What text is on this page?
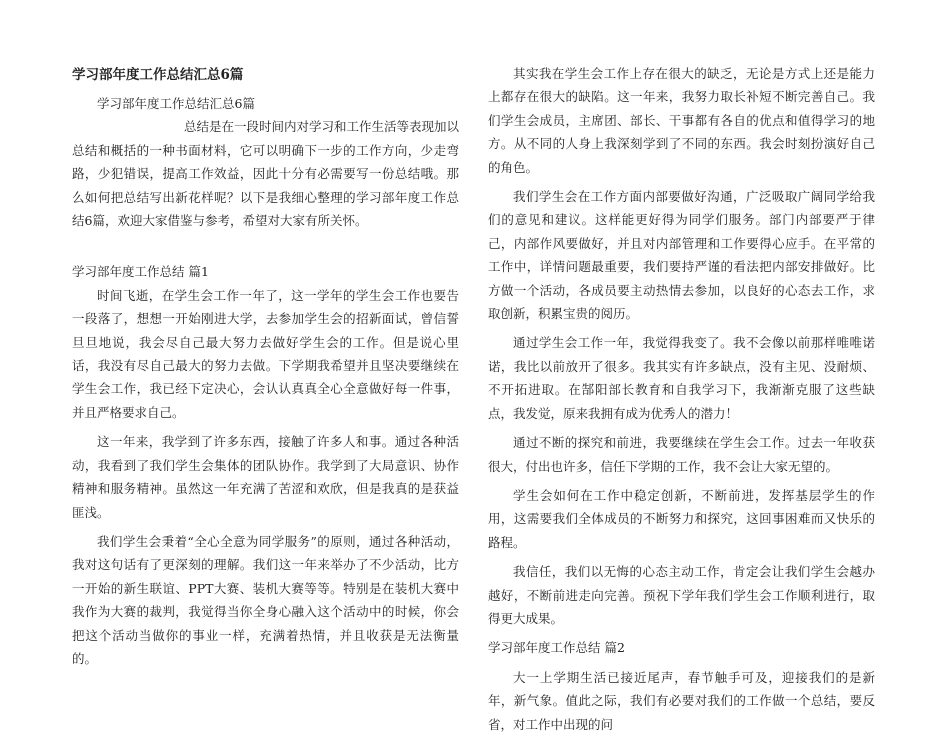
学习部年度工作总结汇总6篇

学习部年度工作总结汇总6篇

总结是在一段时间内对学习和工作生活等表现加以总结和概括的一种书面材料，它可以明确下一步的工作方向，少走弯路，少犯错误，提高工作效益，因此十分有必需要写一份总结哦。那么如何把总结写出新花样呢？以下是我细心整理的学习部年度工作总结6篇，欢迎大家借鉴与参考，希望对大家有所关怀。

学习部年度工作总结 篇1

时间飞逝，在学生会工作一年了，这一学年的学生会工作也要告一段落了，想想一开始刚进大学，去参加学生会的招新面试，曾信誓旦旦地说，我会尽自己最大努力去做好学生会的工作。但是说心里话，我没有尽自己最大的努力去做。下学期我希望并且坚决要继续在学生会工作，我已经下定决心，会认认真真全心全意做好每一件事，并且严格要求自己。

这一年来，我学到了许多东西，接触了许多人和事。通过各种活动，我看到了我们学生会集体的团队协作。我学到了大局意识、协作精神和服务精神。虽然这一年充满了苦涩和欢欣，但是我真的是获益匪浅。

我们学生会秉着“全心全意为同学服务”的原则，通过各种活动，我对这句话有了更深刻的理解。我们这一年来举办了不少活动，比方一开始的新生联谊、PPT大赛、装机大赛等等。特别是在装机大赛中我作为大赛的裁判，我觉得当你全身心融入这个活动中的时候，你会把这个活动当做你的事业一样，充满着热情，并且收获是无法衡量的。

其实我在学生会工作上存在很大的缺乏，无论是方式上还是能力上都存在很大的缺陷。这一年来，我努力取长补短不断完善自己。我们学生会成员，主席团、部长、干事都有各自的优点和值得学习的地方。从不同的人身上我深刻学到了不同的东西。我会时刻扮演好自己的角色。

我们学生会在工作方面内部要做好沟通，广泛吸取广阔同学给我们的意见和建议。这样能更好得为同学们服务。部门内部要严于律己，内部作风要做好，并且对内部管理和工作要得心应手。在平常的工作中，详情问题最重要，我们要持严谨的看法把内部安排做好。比方做一个活动，各成员要主动热情去参加，以良好的心态去工作，求取创新，积累宝贵的阅历。

通过学生会工作一年，我觉得我变了。我不会像以前那样唯唯诺诺，我比以前放开了很多。我其实有许多缺点，没有主见、没耐烦、不开拓进取。在郜阳部长教育和自我学习下，我渐渐克服了这些缺点，我发觉，原来我拥有成为优秀人的潜力！

通过不断的探究和前进，我要继续在学生会工作。过去一年收获很大，付出也许多，信任下学期的工作，我不会让大家无望的。

学生会如何在工作中稳定创新，不断前进，发挥基层学生的作用，这需要我们全体成员的不断努力和探究，这回事困难而又快乐的路程。

我信任，我们以无悔的心态主动工作，肯定会让我们学生会越办越好，不断前进走向完善。预祝下学年我们学生会工作顺利进行，取得更大成果。

学习部年度工作总结 篇2

大一上学期生活已接近尾声，春节触手可及，迎接我们的是新年，新气象。值此之际，我们有必要对我们的工作做一个总结，要反省，对工作中出现的问
